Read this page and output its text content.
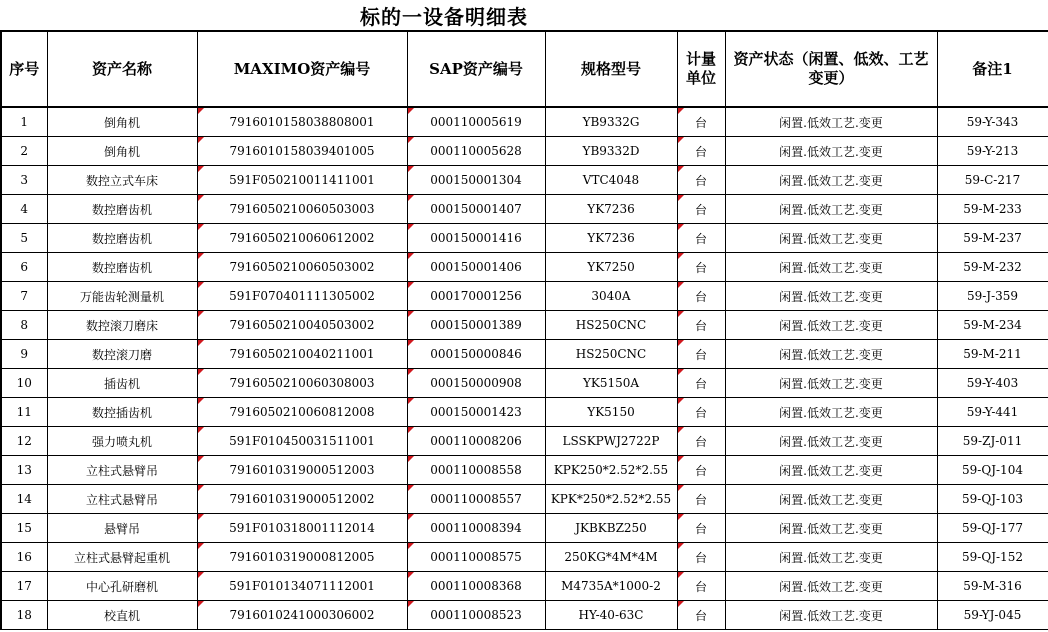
标的一设备明细表
序号	资产名称	MAXIMO资产编号	SAP资产编号	规格型号	计量单位	资产状态（闲置、低效、工艺变更）	备注1
1	倒角机	7916010158038808001	000110005619	YB9332G	台	闲置.低效工艺.变更	59-Y-343
2	倒角机	7916010158039401005	000110005628	YB9332D	台	闲置.低效工艺.变更	59-Y-213
3	数控立式车床	591F050210011411001	000150001304	VTC4048	台	闲置.低效工艺.变更	59-C-217
4	数控磨齿机	7916050210060503003	000150001407	YK7236	台	闲置.低效工艺.变更	59-M-233
5	数控磨齿机	7916050210060612002	000150001416	YK7236	台	闲置.低效工艺.变更	59-M-237
6	数控磨齿机	7916050210060503002	000150001406	YK7250	台	闲置.低效工艺.变更	59-M-232
7	万能齿轮测量机	591F070401111305002	000170001256	3040A	台	闲置.低效工艺.变更	59-J-359
8	数控滚刀磨床	7916050210040503002	000150001389	HS250CNC	台	闲置.低效工艺.变更	59-M-234
9	数控滚刀磨	7916050210040211001	000150000846	HS250CNC	台	闲置.低效工艺.变更	59-M-211
10	插齿机	7916050210060308003	000150000908	YK5150A	台	闲置.低效工艺.变更	59-Y-403
11	数控插齿机	7916050210060812008	000150001423	YK5150	台	闲置.低效工艺.变更	59-Y-441
12	强力喷丸机	591F010450031511001	000110008206	LSSKPWJ2722P	台	闲置.低效工艺.变更	59-ZJ-011
13	立柱式悬臂吊	7916010319000512003	000110008558	KPK250*2.52*2.55	台	闲置.低效工艺.变更	59-QJ-104
14	立柱式悬臂吊	7916010319000512002	000110008557	KPK*250*2.52*2.55	台	闲置.低效工艺.变更	59-QJ-103
15	悬臂吊	591F010318001112014	000110008394	JKBKBZ250	台	闲置.低效工艺.变更	59-QJ-177
16	立柱式悬臂起重机	7916010319000812005	000110008575	250KG*4M*4M	台	闲置.低效工艺.变更	59-QJ-152
17	中心孔研磨机	591F010134071112001	000110008368	M4735A*1000-2	台	闲置.低效工艺.变更	59-M-316
18	校直机	7916010241000306002	000110008523	HY-40-63C	台	闲置.低效工艺.变更	59-YJ-045
